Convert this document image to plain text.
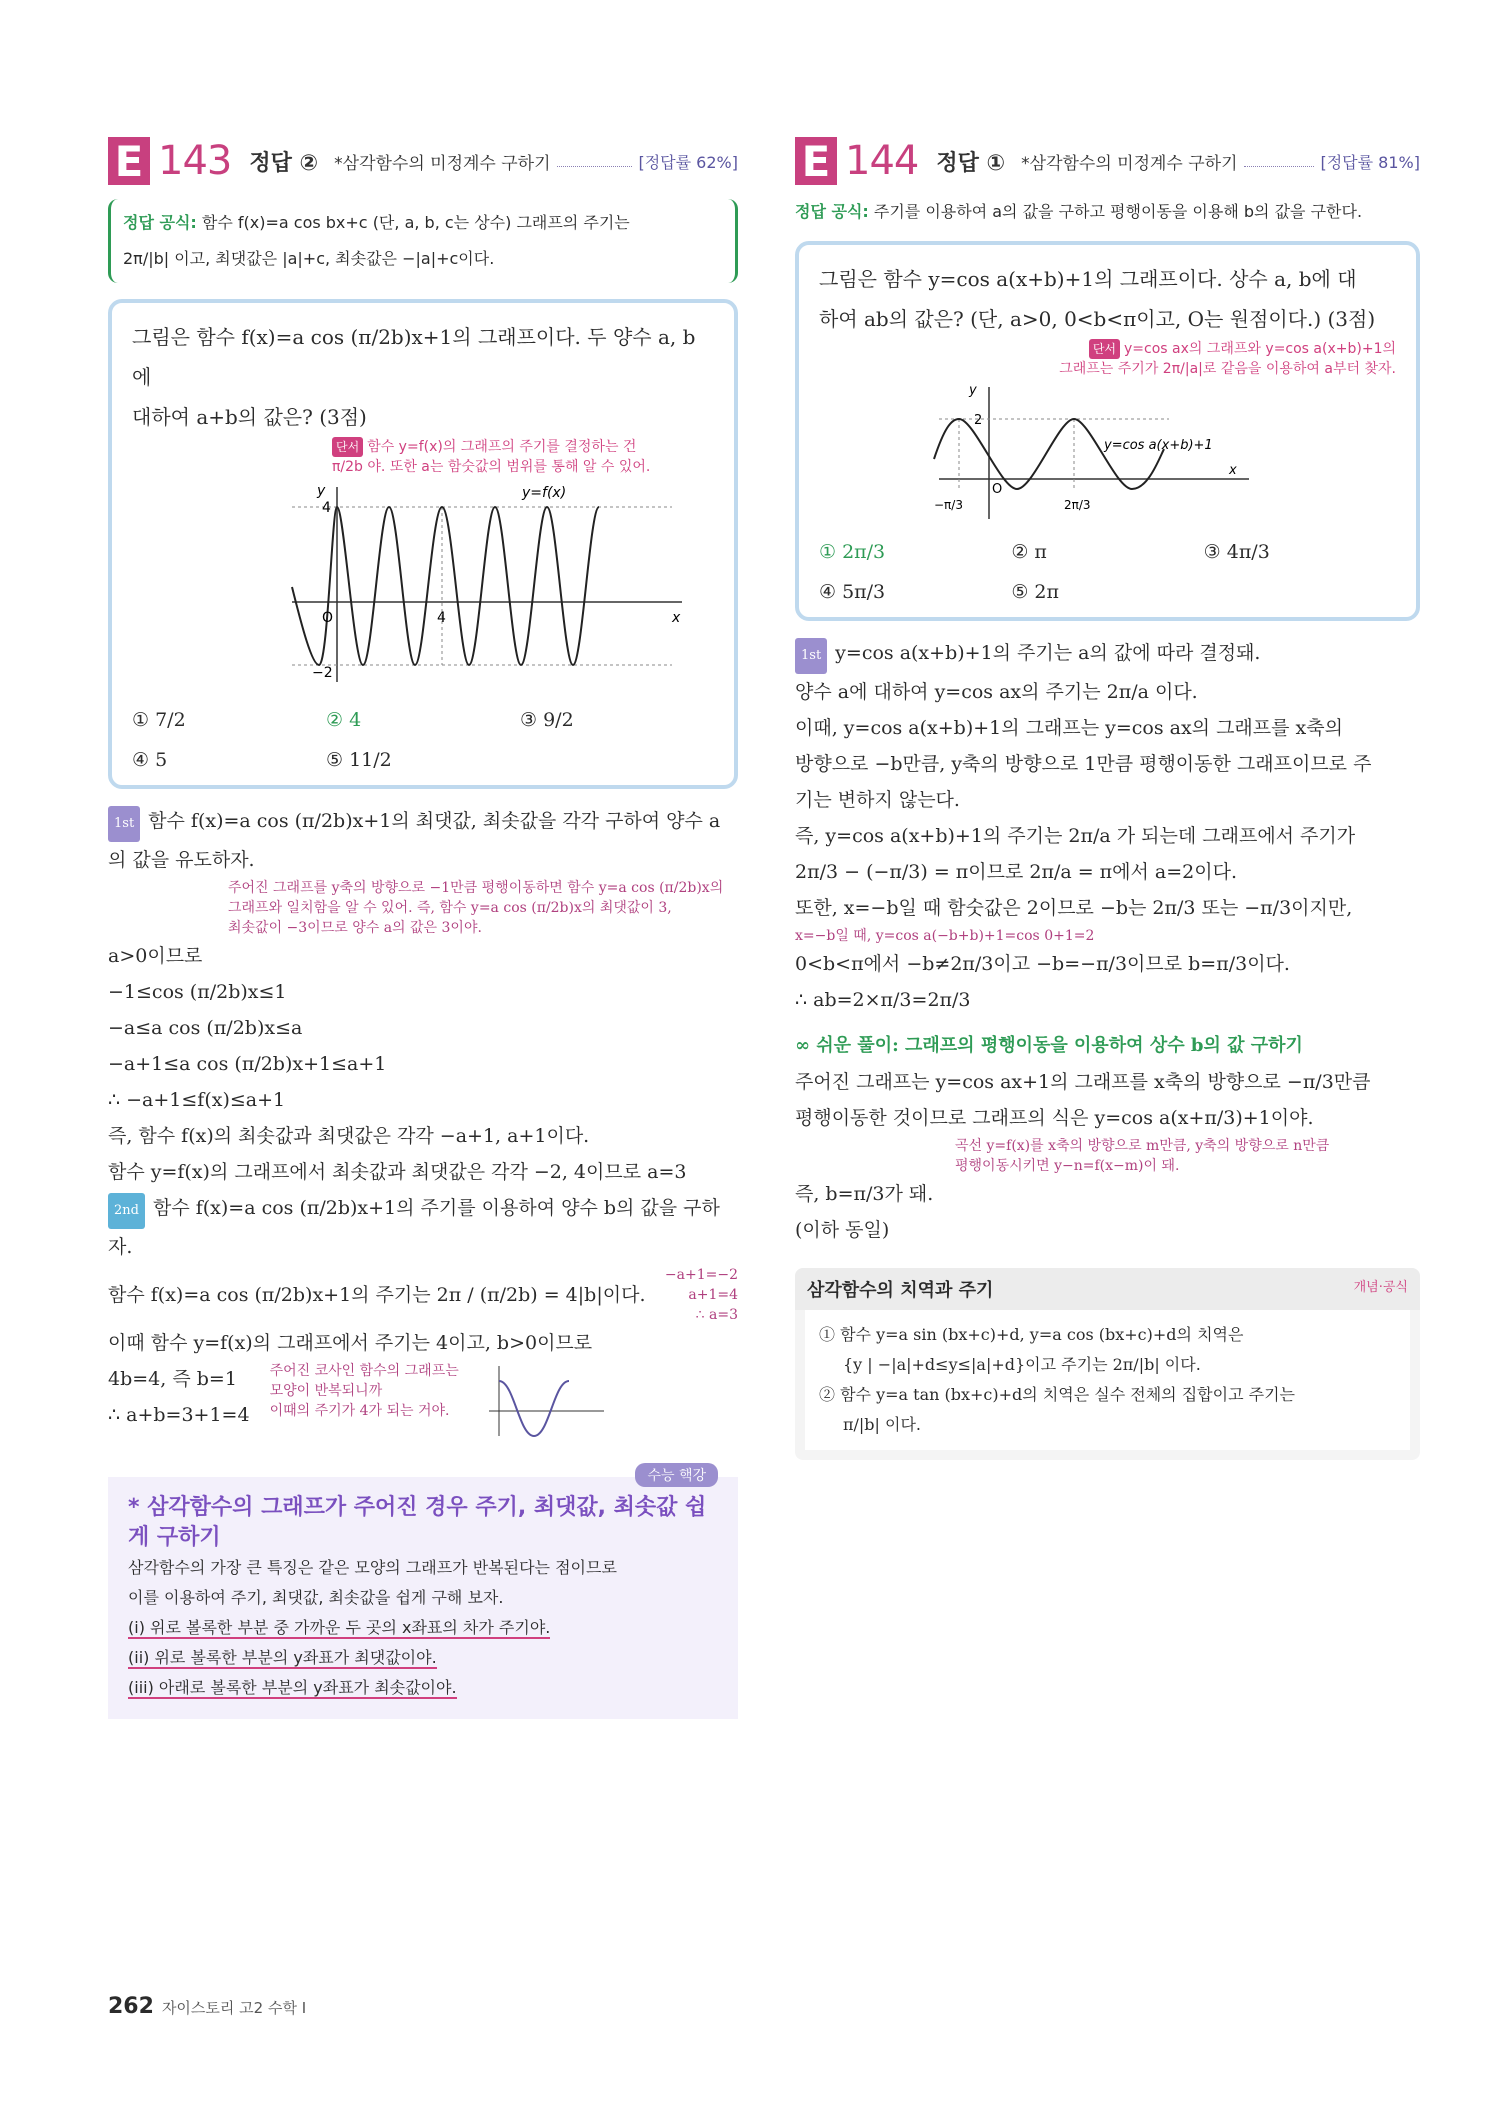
E 143 정답 ② *삼각함수의 미정계수 구하기	[정답률 62%]
정답 공식: 함수 f(x)=a cos bx+c (단, a, b, c는 상수) 그래프의 주기는
2π/|b| 이고, 최댓값은 |a|+c, 최솟값은 −|a|+c이다.
그림은 함수 f(x)=a cos (π/2b)x+1의 그래프이다. 두 양수 a, b에
대하여 a+b의 값은? (3점)
단서 함수 y=f(x)의 그래프의 주기를 결정하는 건
π/2b 야. 또한 a는 함숫값의 범위를 통해 알 수 있어.
y
x
4
−2
4
O
y=f(x)
① 7/2	② 4	③ 9/2
④ 5	⑤ 11/2
1st 함수 f(x)=a cos (π/2b)x+1의 최댓값, 최솟값을 각각 구하여 양수 a의 값을 유도하자.
주어진 그래프를 y축의 방향으로 −1만큼 평행이동하면 함수 y=a cos (π/2b)x의
그래프와 일치함을 알 수 있어. 즉, 함수 y=a cos (π/2b)x의 최댓값이 3,
최솟값이 −3이므로 양수 a의 값은 3이야.
a>0이므로
−1≤cos (π/2b)x≤1
−a≤a cos (π/2b)x≤a
−a+1≤a cos (π/2b)x+1≤a+1
∴ −a+1≤f(x)≤a+1
즉, 함수 f(x)의 최솟값과 최댓값은 각각 −a+1, a+1이다.
함수 y=f(x)의 그래프에서 최솟값과 최댓값은 각각 −2, 4이므로 a=3
2nd 함수 f(x)=a cos (π/2b)x+1의 주기를 이용하여 양수 b의 값을 구하자.
함수 f(x)=a cos (π/2b)x+1의 주기는 2π / (π/2b) = 4|b|이다.
−a+1=−2
a+1=4
∴ a=3
이때 함수 y=f(x)의 그래프에서 주기는 4이고, b>0이므로
4b=4, 즉 b=1
∴ a+b=3+1=4
주어진 코사인 함수의 그래프는
모양이 반복되니까
이때의 주기가 4가 되는 거야.
수능 핵강
* 삼각함수의 그래프가 주어진 경우 주기, 최댓값, 최솟값 쉽게 구하기
삼각함수의 가장 큰 특징은 같은 모양의 그래프가 반복된다는 점이므로
이를 이용하여 주기, 최댓값, 최솟값을 쉽게 구해 보자.
(i) 위로 볼록한 부분 중 가까운 두 곳의 x좌표의 차가 주기야.
(ii) 위로 볼록한 부분의 y좌표가 최댓값이야.
(iii) 아래로 볼록한 부분의 y좌표가 최솟값이야.
E 144 정답 ① *삼각함수의 미정계수 구하기	[정답률 81%]
정답 공식: 주기를 이용하여 a의 값을 구하고 평행이동을 이용해 b의 값을 구한다.
그림은 함수 y=cos a(x+b)+1의 그래프이다. 상수 a, b에 대
하여 ab의 값은? (단, a>0, 0<b<π이고, O는 원점이다.) (3점)
단서 y=cos ax의 그래프와 y=cos a(x+b)+1의
그래프는 주기가 2π/|a|로 같음을 이용하여 a부터 찾자.
y
x
2
O
−π/3	2π/3
y=cos a(x+b)+1
① 2π/3	② π	③ 4π/3
④ 5π/3	⑤ 2π
1st y=cos a(x+b)+1의 주기는 a의 값에 따라 결정돼.
양수 a에 대하여 y=cos ax의 주기는 2π/a 이다.
이때, y=cos a(x+b)+1의 그래프는 y=cos ax의 그래프를 x축의
방향으로 −b만큼, y축의 방향으로 1만큼 평행이동한 그래프이므로 주
기는 변하지 않는다.
즉, y=cos a(x+b)+1의 주기는 2π/a 가 되는데 그래프에서 주기가
2π/3 − (−π/3) = π이므로 2π/a = π에서 a=2이다.
또한, x=−b일 때 함숫값은 2이므로 −b는 2π/3 또는 −π/3이지만,
x=−b일 때, y=cos a(−b+b)+1=cos 0+1=2
0<b<π에서 −b≠2π/3이고 −b=−π/3이므로 b=π/3이다.
∴ ab=2×π/3=2π/3
∞ 쉬운 풀이: 그래프의 평행이동을 이용하여 상수 b의 값 구하기
주어진 그래프는 y=cos ax+1의 그래프를 x축의 방향으로 −π/3만큼
평행이동한 것이므로 그래프의 식은 y=cos a(x+π/3)+1이야.
곡선 y=f(x)를 x축의 방향으로 m만큼, y축의 방향으로 n만큼
평행이동시키면 y−n=f(x−m)이 돼.
즉, b=π/3가 돼.
(이하 동일)
삼각함수의 치역과 주기	개념·공식
① 함수 y=a sin (bx+c)+d, y=a cos (bx+c)+d의 치역은
{y | −|a|+d≤y≤|a|+d}이고 주기는 2π/|b| 이다.
② 함수 y=a tan (bx+c)+d의 치역은 실수 전체의 집합이고 주기는
π/|b| 이다.
262 자이스토리 고2 수학 I
